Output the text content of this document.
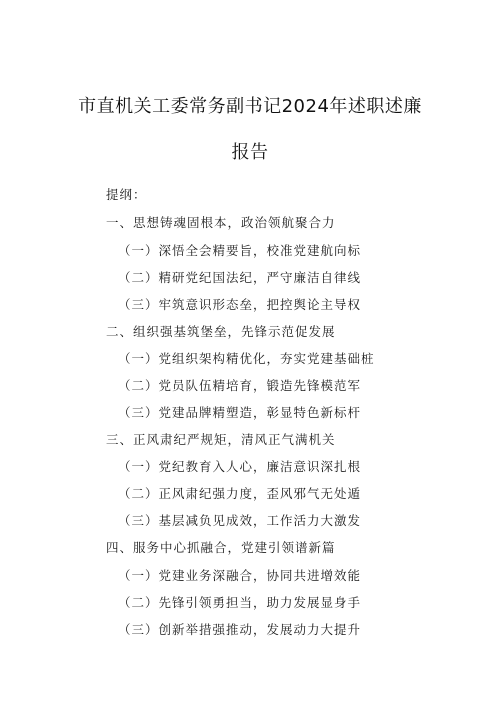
市直机关工委常务副书记2024年述职述廉
报告
提纲：
一、思想铸魂固根本，政治领航聚合力
（一）深悟全会精要旨，校准党建航向标
（二）精研党纪国法纪，严守廉洁自律线
（三）牢筑意识形态垒，把控舆论主导权
二、组织强基筑堡垒，先锋示范促发展
（一）党组织架构精优化，夯实党建基础桩
（二）党员队伍精培育，锻造先锋模范军
（三）党建品牌精塑造，彰显特色新标杆
三、正风肃纪严规矩，清风正气满机关
（一）党纪教育入人心，廉洁意识深扎根
（二）正风肃纪强力度，歪风邪气无处遁
（三）基层减负见成效，工作活力大激发
四、服务中心抓融合，党建引领谱新篇
（一）党建业务深融合，协同共进增效能
（二）先锋引领勇担当，助力发展显身手
（三）创新举措强推动，发展动力大提升
